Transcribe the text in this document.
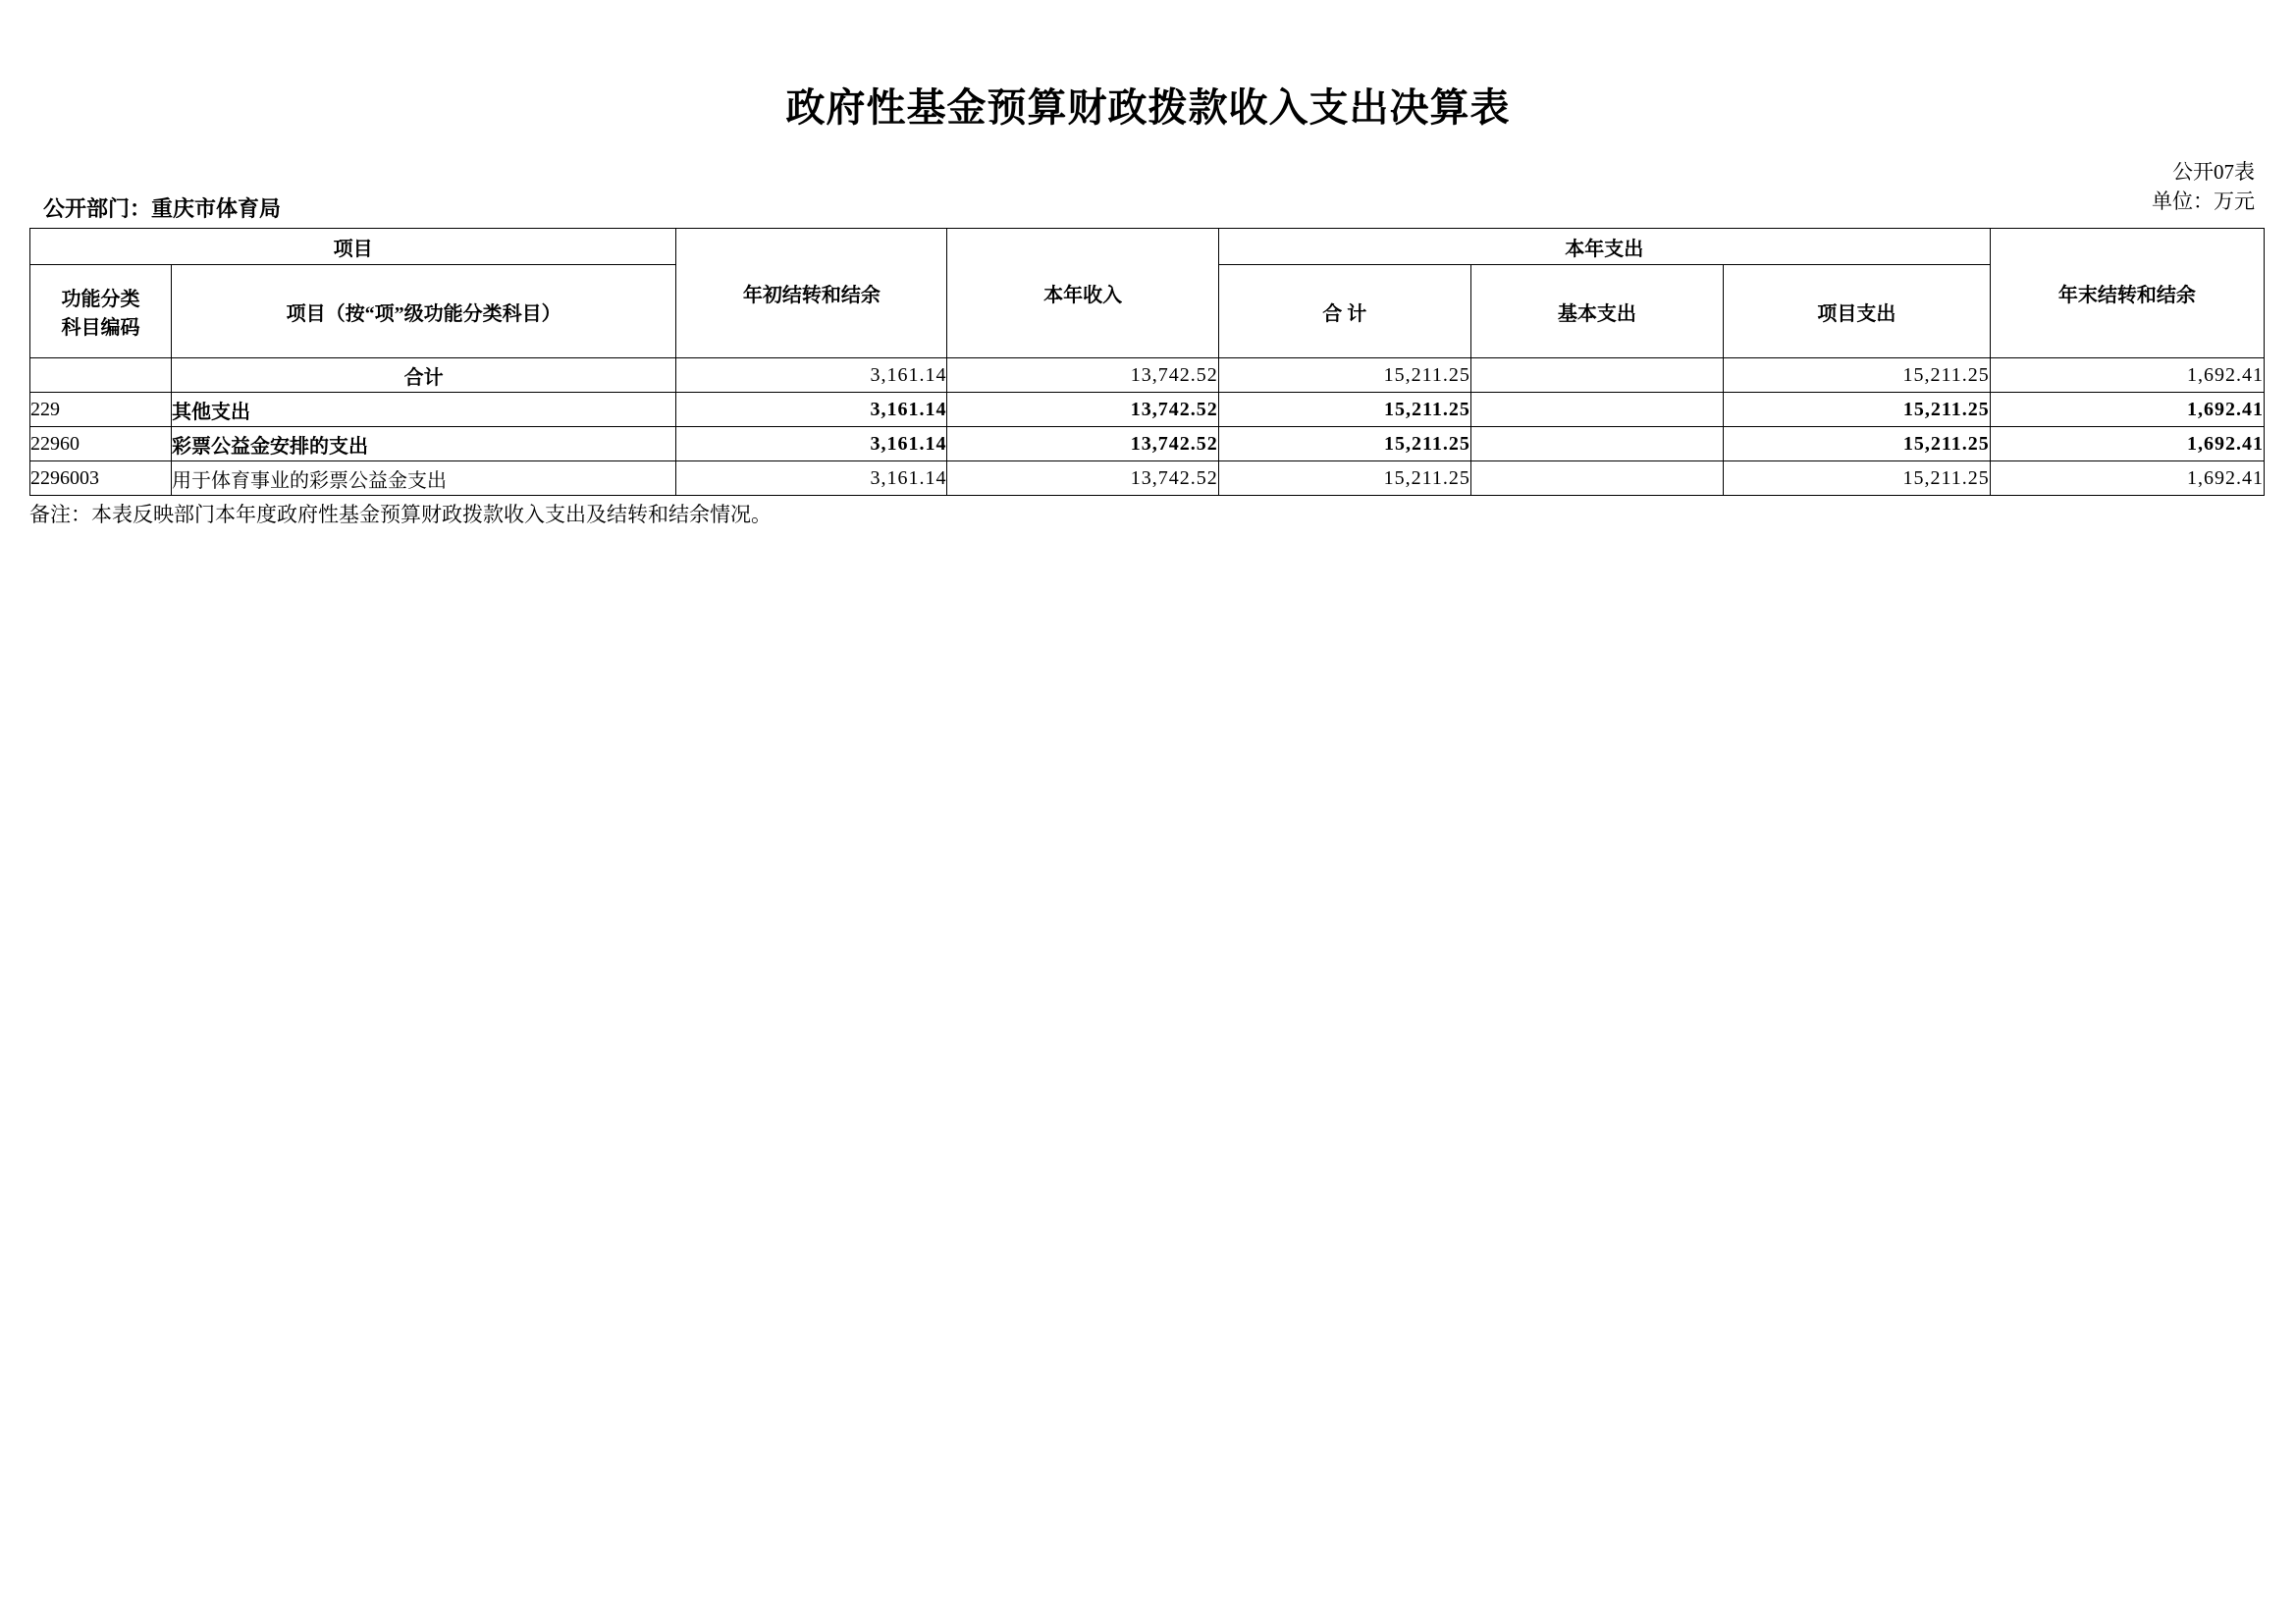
政府性基金预算财政拨款收入支出决算表
公开07表
单位：万元
公开部门：重庆市体育局
项目		年初结转和结余	本年收入	本年支出			年末结转和结余

功能分类
科目编码	项目（按“项”级功能分类科目）			合 计	基本支出	项目支出	
	合计	3,161.14	13,742.52	15,211.25		15,211.25	1,692.41
229	其他支出	3,161.14	13,742.52	15,211.25		15,211.25	1,692.41
22960	彩票公益金安排的支出	3,161.14	13,742.52	15,211.25		15,211.25	1,692.41
2296003	用于体育事业的彩票公益金支出	3,161.14	13,742.52	15,211.25		15,211.25	1,692.41
备注：本表反映部门本年度政府性基金预算财政拨款收入支出及结转和结余情况。
